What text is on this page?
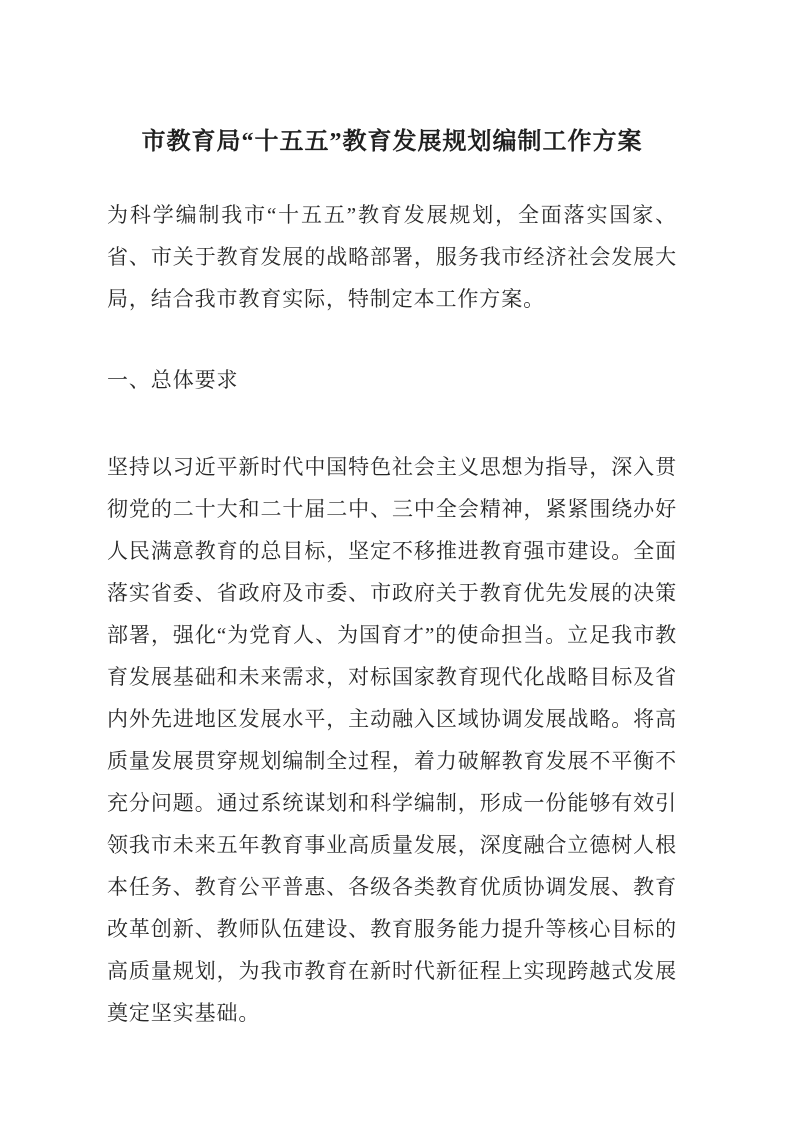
市教育局“十五五”教育发展规划编制工作方案

为科学编制我市“十五五”教育发展规划，全面落实国家、省、市关于教育发展的战略部署，服务我市经济社会发展大局，结合我市教育实际，特制定本工作方案。

一、总体要求

坚持以习近平新时代中国特色社会主义思想为指导，深入贯彻党的二十大和二十届二中、三中全会精神，紧紧围绕办好人民满意教育的总目标，坚定不移推进教育强市建设。全面落实省委、省政府及市委、市政府关于教育优先发展的决策部署，强化“为党育人、为国育才”的使命担当。立足我市教育发展基础和未来需求，对标国家教育现代化战略目标及省内外先进地区发展水平，主动融入区域协调发展战略。将高质量发展贯穿规划编制全过程，着力破解教育发展不平衡不充分问题。通过系统谋划和科学编制，形成一份能够有效引领我市未来五年教育事业高质量发展，深度融合立德树人根本任务、教育公平普惠、各级各类教育优质协调发展、教育改革创新、教师队伍建设、教育服务能力提升等核心目标的高质量规划，为我市教育在新时代新征程上实现跨越式发展奠定坚实基础。
